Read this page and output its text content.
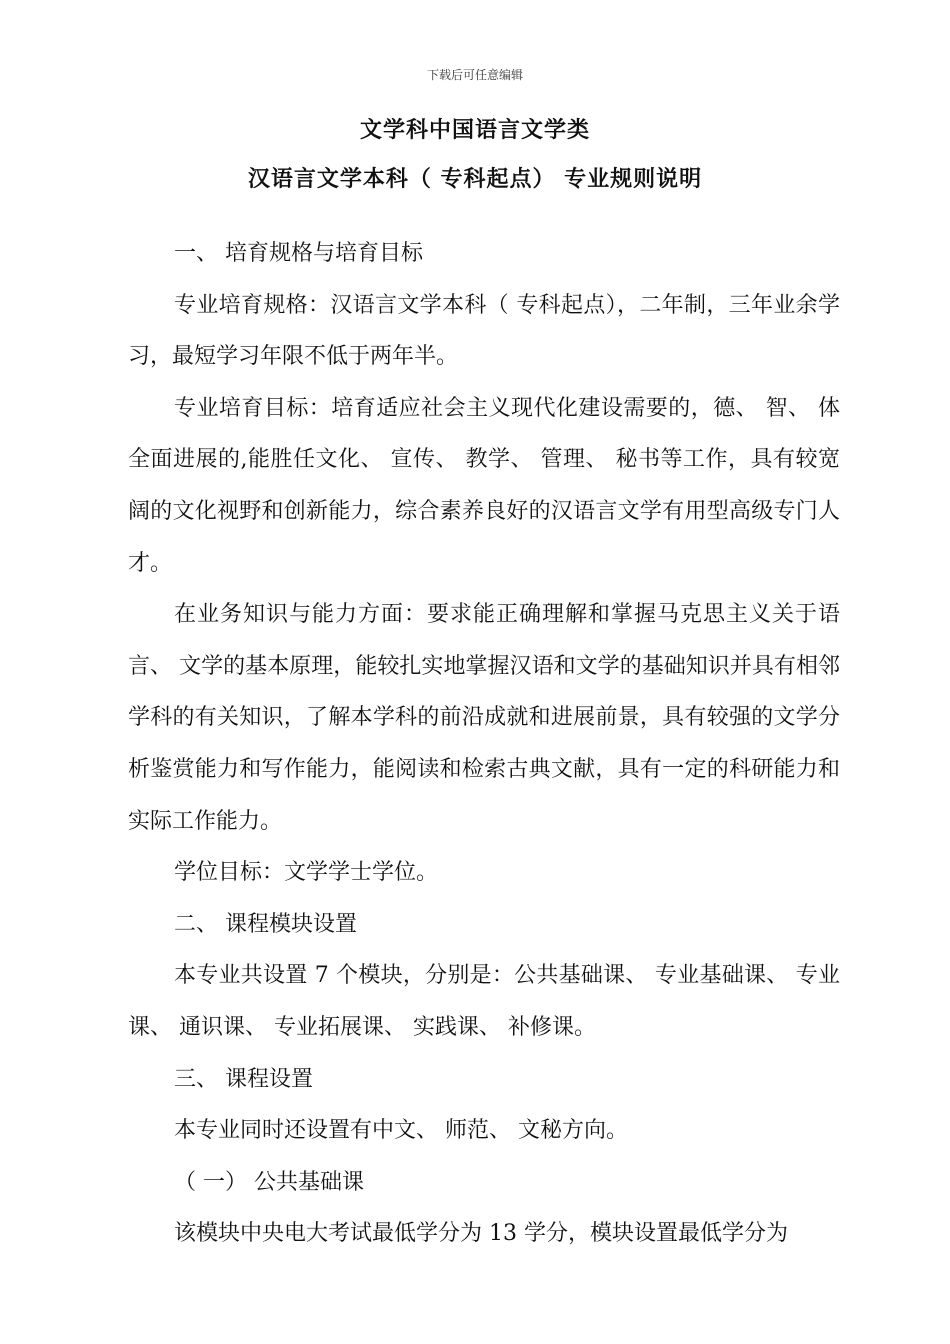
下载后可任意编辑
文学科中国语言文学类
汉语言文学本科（ 专科起点） 专业规则说明

一、 培育规格与培育目标

专业培育规格：汉语言文学本科（ 专科起点），二年制，三年业余学习，最短学习年限不低于两年半。

专业培育目标：培育适应社会主义现代化建设需要的，德、 智、 体全面进展的,能胜任文化、 宣传、 教学、 管理、 秘书等工作，具有较宽阔的文化视野和创新能力，综合素养良好的汉语言文学有用型高级专门人才。

在业务知识与能力方面：要求能正确理解和掌握马克思主义关于语言、 文学的基本原理，能较扎实地掌握汉语和文学的基础知识并具有相邻学科的有关知识，了解本学科的前沿成就和进展前景，具有较强的文学分析鉴赏能力和写作能力，能阅读和检索古典文献，具有一定的科研能力和实际工作能力。

学位目标：文学学士学位。

二、 课程模块设置

本专业共设置 7 个模块，分别是：公共基础课、 专业基础课、 专业课、 通识课、 专业拓展课、 实践课、 补修课。

三、 课程设置

本专业同时还设置有中文、 师范、 文秘方向。

（ 一） 公共基础课

该模块中央电大考试最低学分为 13 学分，模块设置最低学分为
